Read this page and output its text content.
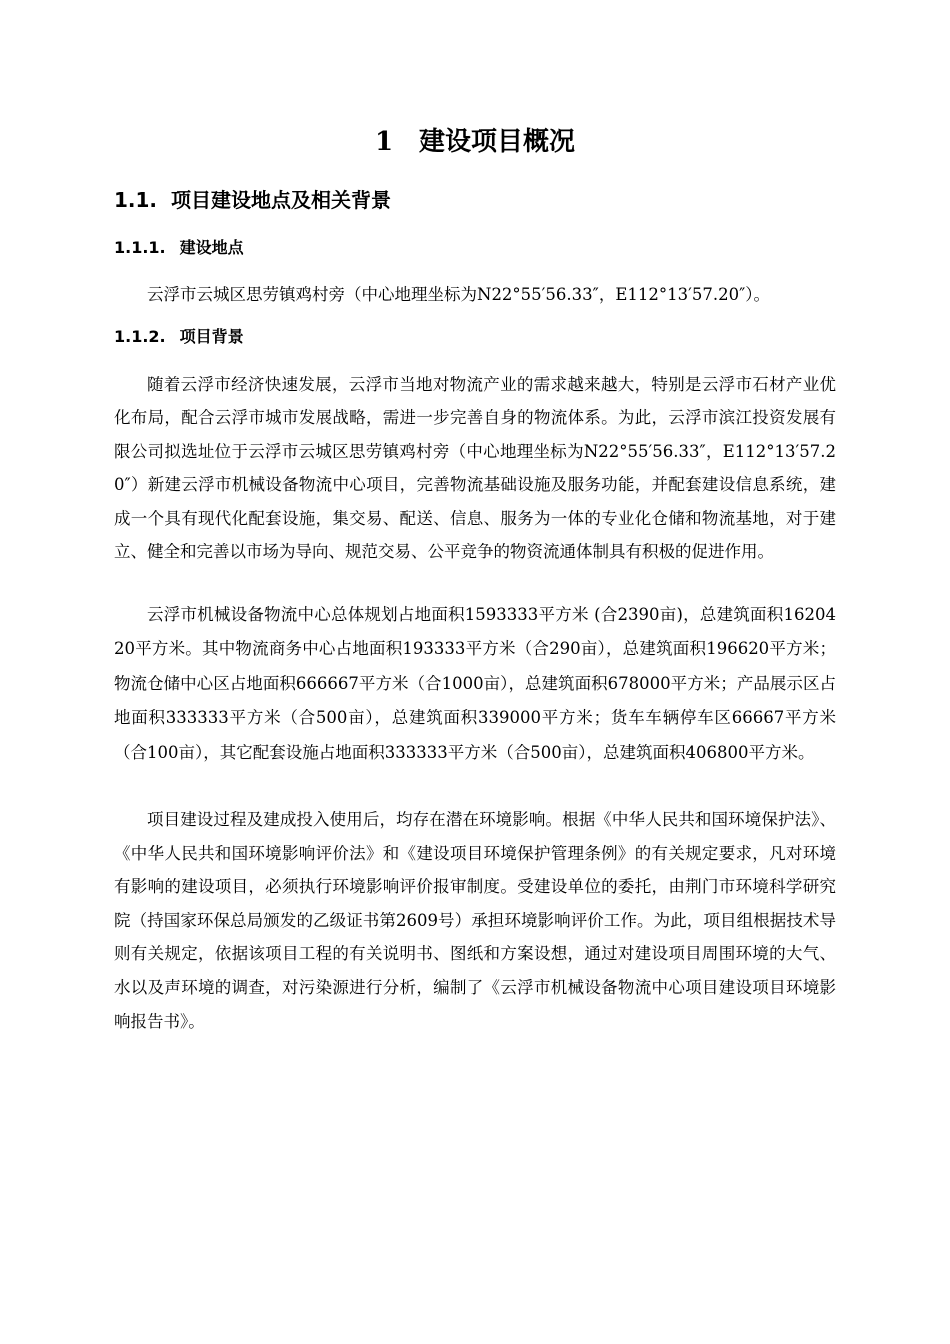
1  建设项目概况
1.1. 项目建设地点及相关背景
1.1.1. 建设地点

云浮市云城区思劳镇鸡村旁（中心地理坐标为N22°55′56.33″，E112°13′57.20″）。

1.1.2. 项目背景

随着云浮市经济快速发展，云浮市当地对物流产业的需求越来越大，特别是云浮市石材产业优化布局，配合云浮市城市发展战略，需进一步完善自身的物流体系。为此，云浮市滨江投资发展有限公司拟选址位于云浮市云城区思劳镇鸡村旁（中心地理坐标为N22°55′56.33″，E112°13′57.20″）新建云浮市机械设备物流中心项目，完善物流基础设施及服务功能，并配套建设信息系统，建成一个具有现代化配套设施，集交易、配送、信息、服务为一体的专业化仓储和物流基地，对于建立、健全和完善以市场为导向、规范交易、公平竞争的物资流通体制具有积极的促进作用。

云浮市机械设备物流中心总体规划占地面积1593333平方米 (合2390亩)，总建筑面积1620420平方米。其中物流商务中心占地面积193333平方米（合290亩），总建筑面积196620平方米；物流仓储中心区占地面积666667平方米（合1000亩），总建筑面积678000平方米；产品展示区占地面积333333平方米（合500亩），总建筑面积339000平方米；货车车辆停车区66667平方米（合100亩），其它配套设施占地面积333333平方米（合500亩），总建筑面积406800平方米。

项目建设过程及建成投入使用后，均存在潜在环境影响。根据《中华人民共和国环境保护法》、《中华人民共和国环境影响评价法》和《建设项目环境保护管理条例》的有关规定要求，凡对环境有影响的建设项目，必须执行环境影响评价报审制度。受建设单位的委托，由荆门市环境科学研究院（持国家环保总局颁发的乙级证书第2609号）承担环境影响评价工作。为此，项目组根据技术导则有关规定，依据该项目工程的有关说明书、图纸和方案设想，通过对建设项目周围环境的大气、水以及声环境的调查，对污染源进行分析，编制了《云浮市机械设备物流中心项目建设项目环境影响报告书》。
